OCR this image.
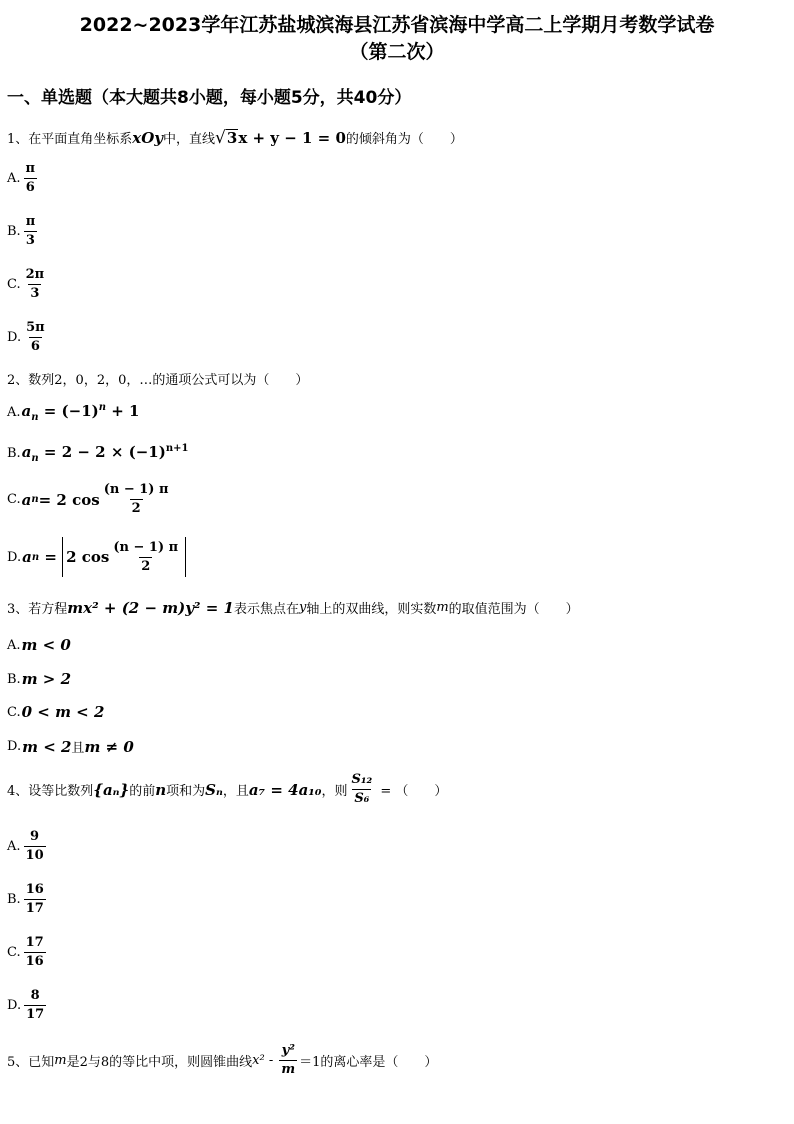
2022~2023学年江苏盐城滨海县江苏省滨海中学高二上学期月考数学试卷
（第二次）
一、单选题（本大题共8小题，每小题5分，共40分）
1、 在平面直角坐标系 xOy 中，直线 √ 3 x + y − 1 = 0 的倾斜角为（　　）
A. $\frac{\pi}{6}$
B. $\frac{\pi}{3}$
C. $\frac{2\pi}{3}$
D. $\frac{5\pi}{6}$
2、 数列2，0，2，0，…的通项公式可以为（　　）
A. $a_n = (-1)^n + 1$
B. $a_n = 2 - 2 \times (-1)^{n+1}$
C. a n = 2 $\cos \frac{(n - 1) \pi}{2}$
D. a n = 2 $\cos \frac{(n - 1) \pi}{2}$
3、 若方程 mx² + (2 − m)y² = 1 表示焦点在 y 轴上的双曲线，则实数 m 的取值范围为（　　）
A. m < 0
B. m > 2
C. 0 < m < 2
D. m < 2 且 m ≠ 0
4、 设等比数列 {aₙ} 的前 n 项和为 Sₙ ，且 a₇ = 4a₁₀ ，则 $\frac{\text{S₁₂}}{\text{S₆}}$ = （　　）
A. $\frac{9}{10}$
B. $\frac{16}{17}$
C. $\frac{17}{16}$
D. $\frac{8}{17}$
5、 已知 m 是2与8的等比中项，则圆锥曲线 $x^2 - \frac{\text{y²}}{m} =1$的离心率是（　　）
